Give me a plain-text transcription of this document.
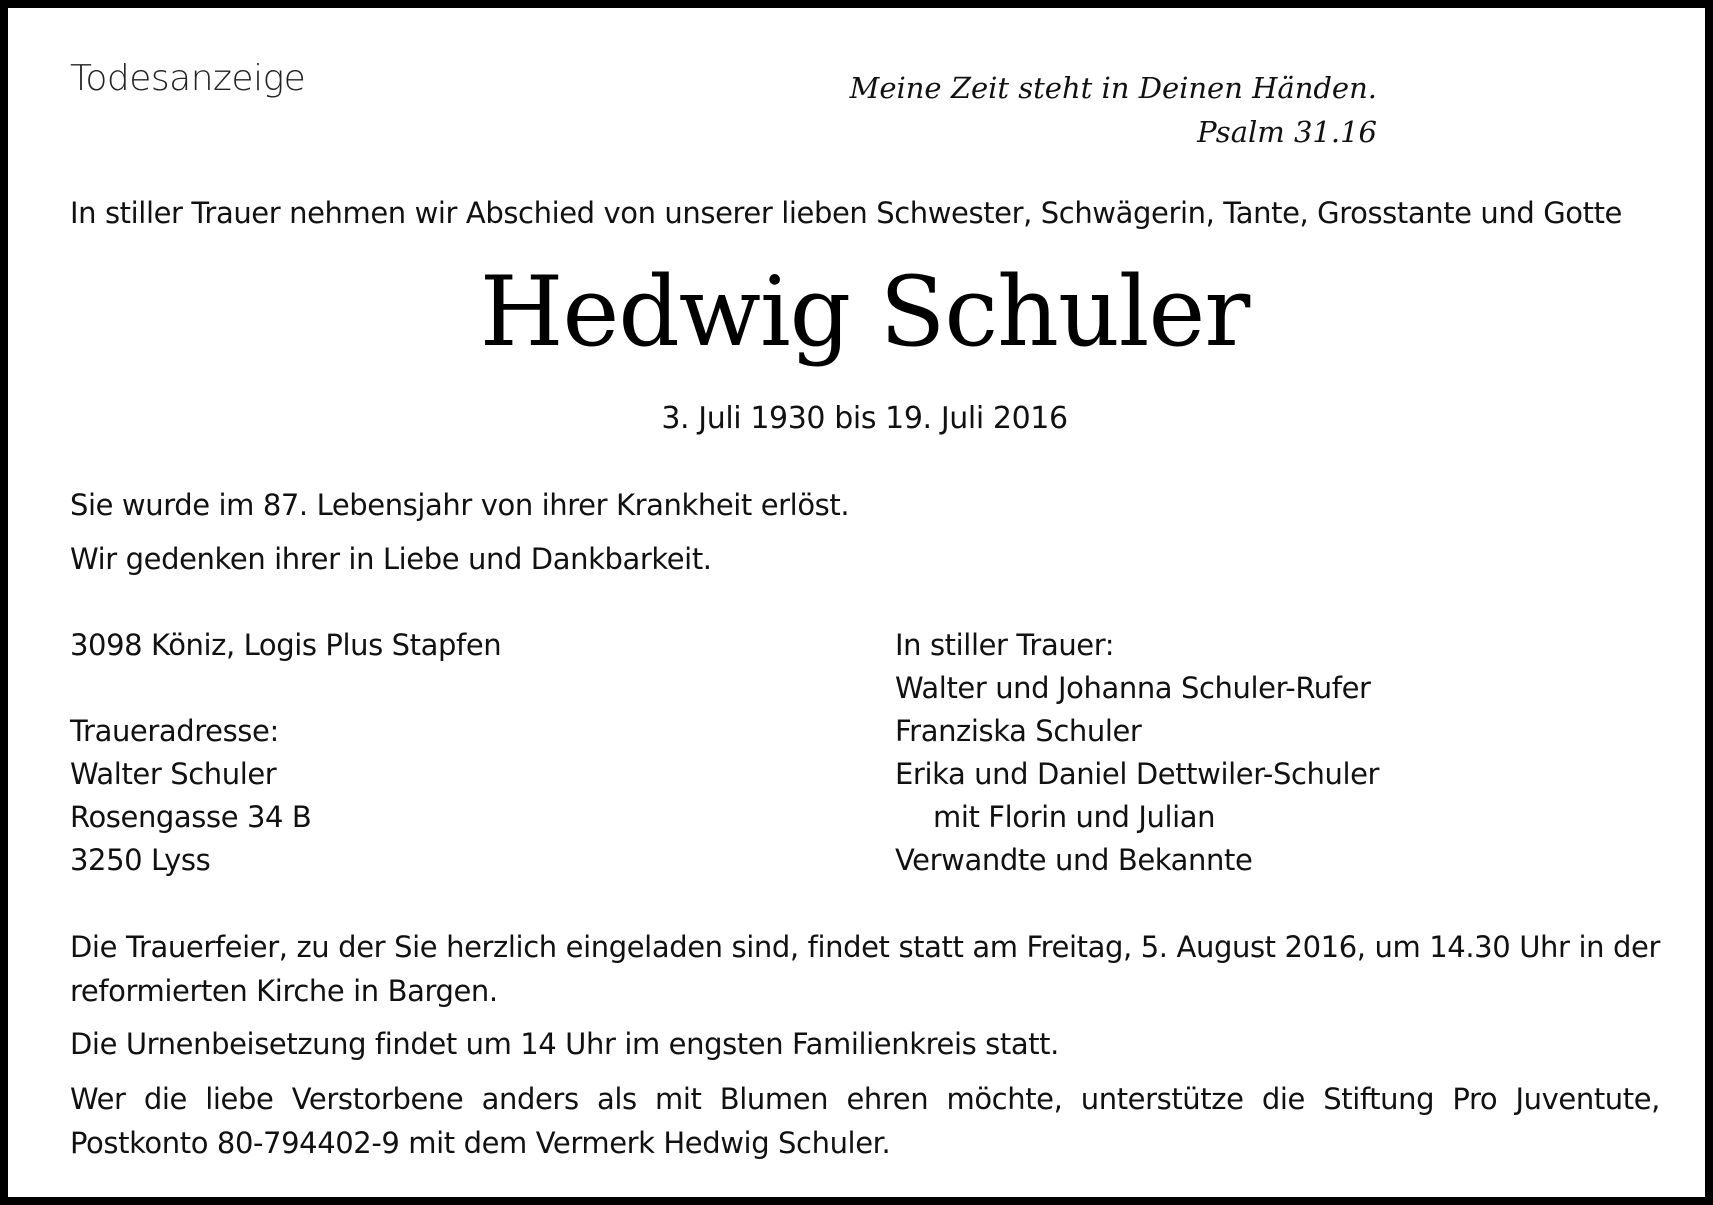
Todesanzeige	Meine Zeit steht in Deinen Händen.
Psalm 31.16
In stiller Trauer nehmen wir Abschied von unserer lieben Schwester, Schwägerin, Tante, Grosstante und Gotte
Hedwig Schuler
3. Juli 1930 bis 19. Juli 2016
Sie wurde im 87. Lebensjahr von ihrer Krankheit erlöst.
Wir gedenken ihrer in Liebe und Dankbarkeit.
3098 Köniz, Logis Plus Stapfen
Traueradresse:
Walter Schuler
Rosengasse 34 B
3250 Lyss
In stiller Trauer:
Walter und Johanna Schuler-Rufer
Franziska Schuler
Erika und Daniel Dettwiler-Schuler
mit Florin und Julian
Verwandte und Bekannte
Die Trauerfeier, zu der Sie herzlich eingeladen sind, findet statt am Freitag, 5. August 2016, um 14.30 Uhr in der reformierten Kirche in Bargen.
Die Urnenbeisetzung findet um 14 Uhr im engsten Familienkreis statt.
Wer die liebe Verstorbene anders als mit Blumen ehren möchte, unterstütze die Stiftung Pro Juventute, Postkonto 80-794402-9 mit dem Vermerk Hedwig Schuler.
